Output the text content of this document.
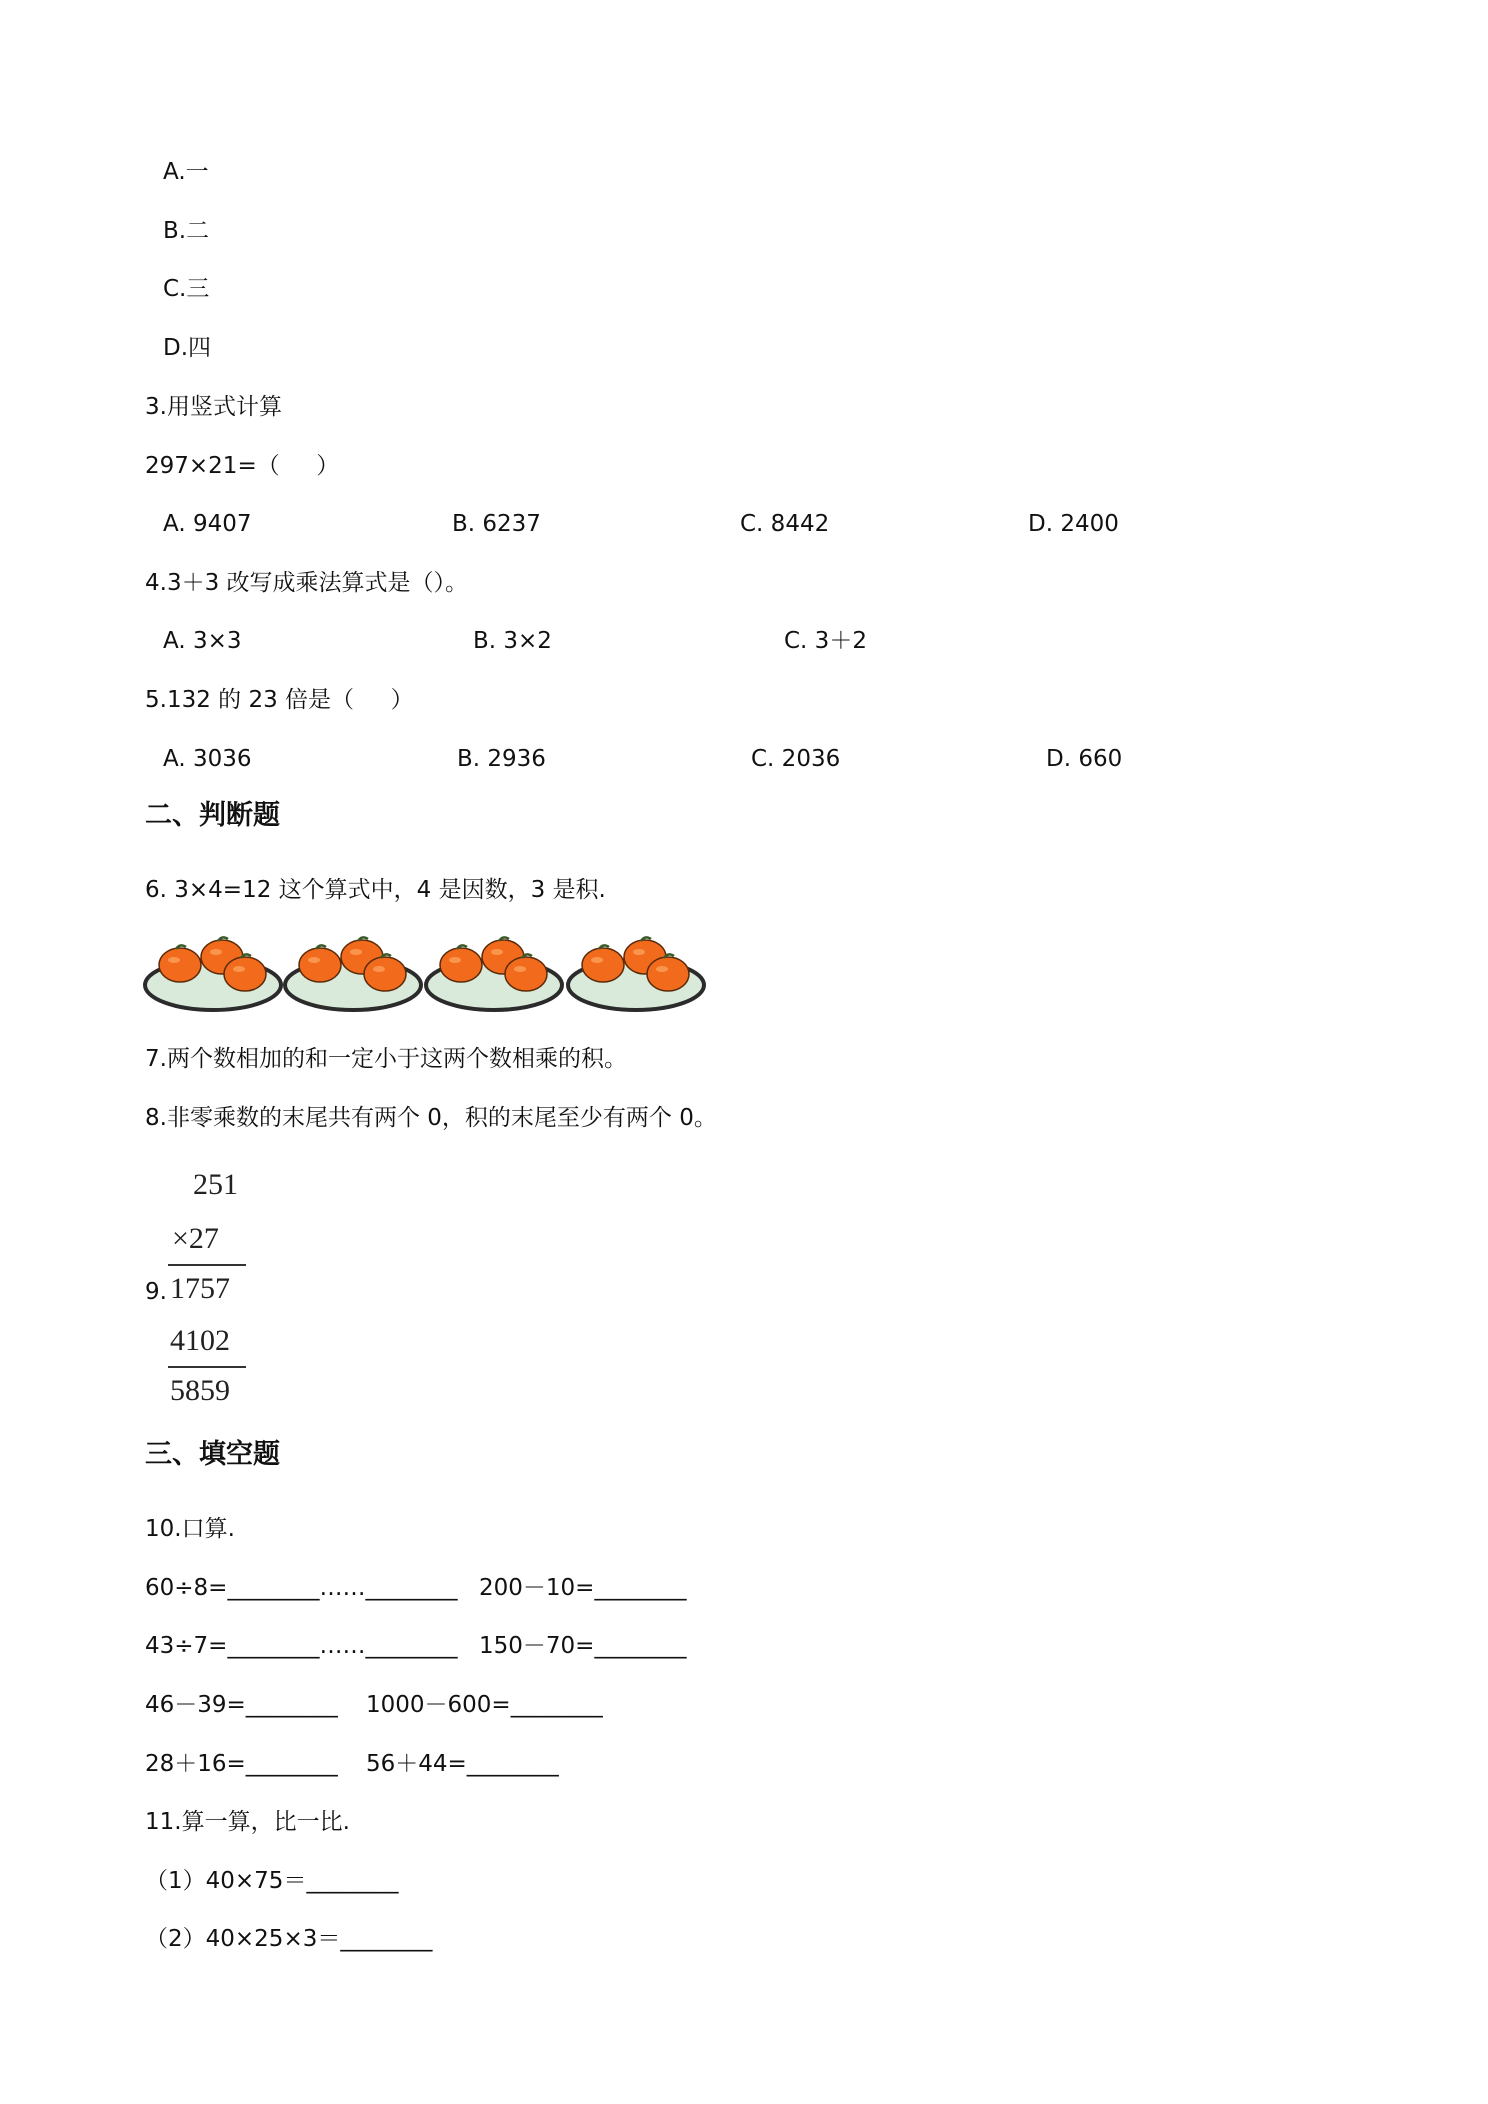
A.一
B.二
C.三
D.四
3.用竖式计算
297×21=（     ）
A. 9407	B. 6237	C. 8442	D. 2400
4.3＋3 改写成乘法算式是（）。
A. 3×3	B. 3×2	C. 3＋2
5.132 的 23 倍是（     ）
A. 3036	B. 2936	C. 2036	D. 660
二、判断题
6. 3×4=12 这个算式中，4 是因数，3 是积.
7.两个数相加的和一定小于这两个数相乘的积。
8.非零乘数的末尾共有两个 0，积的末尾至少有两个 0。
9.
251
×27
1757
4102
5859
三、填空题
10.口算.
60÷8=________……________ 200－10=________
43÷7=________……________ 150－70=________
46－39=________ 1000－600=________
28＋16=________ 56＋44=________
11.算一算，比一比.
（1）40×75＝________
（2）40×25×3＝________
